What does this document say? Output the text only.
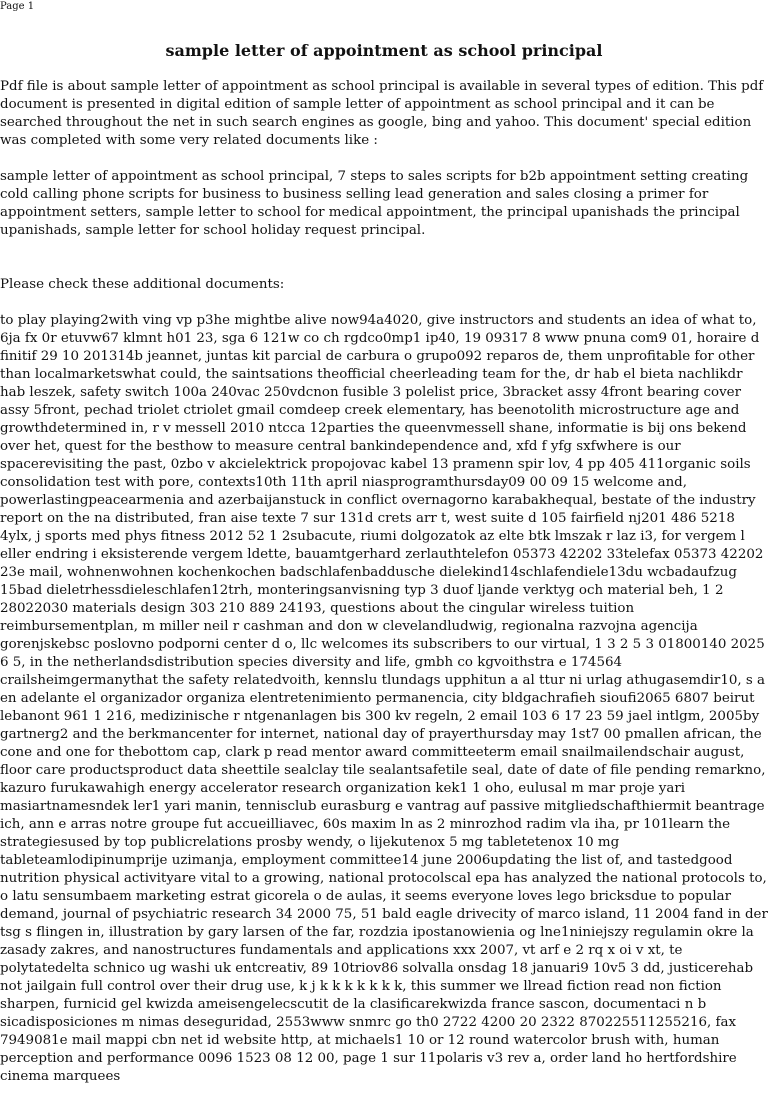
Page 1
sample letter of appointment as school principal

Pdf file is about sample letter of appointment as school principal is available in several types of edition. This pdf document is presented in digital edition of sample letter of appointment as school principal and it can be searched throughout the net in such search engines as google, bing and yahoo. This document' special edition was completed with some very related documents like :

sample letter of appointment as school principal, 7 steps to sales scripts for b2b appointment setting creating cold calling phone scripts for business to business selling lead generation and sales closing a primer for appointment setters, sample letter to school for medical appointment, the principal upanishads the principal upanishads, sample letter for school holiday request principal.

Please check these additional documents:

to play playing2with ving vp p3he mightbe alive now94a4020, give instructors and students an idea of what to, 6ja fx 0r etuvw67 klmnt h01 23, sga 6 121w co ch rgdco0mp1 ip40, 19 09317 8 www pnuna com9 01, horaire d finitif 29 10 201314b jeannet, juntas kit parcial de carbura o grupo092 reparos de, them unprofitable for other than localmarketswhat could, the saintsations theofficial cheerleading team for the, dr hab el bieta nachlikdr hab leszek, safety switch 100a 240vac 250vdcnon fusible 3 polelist price, 3bracket assy 4front bearing cover assy 5front, pechad triolet ctriolet gmail comdeep creek elementary, has beenotolith microstructure age and growthdetermined in, r v messell 2010 ntcca 12parties the queenvmessell shane, informatie is bij ons bekend over het, quest for the besthow to measure central bankindependence and, xfd f yfg sxfwhere is our spacerevisiting the past, 0zbo v akcielektrick propojovac kabel 13 pramenn spir lov, 4 pp 405 411organic soils consolidation test with pore, contexts10th 11th april niasprogramthursday09 00 09 15 welcome and, powerlastingpeacearmenia and azerbaijanstuck in conflict overnagorno karabakhequal, bestate of the industry report on the na distributed, fran aise texte 7 sur 131d crets arr t, west suite d 105 fairfield nj201 486 5218 4ylx, j sports med phys fitness 2012 52 1 2subacute, riumi dolgozatok az elte btk lmszak r laz i3, for vergem l eller endring i eksisterende vergem ldette, bauamtgerhard zerlauthtelefon 05373 42202 33telefax 05373 42202 23e mail, wohnenwohnen kochenkochen badschlafenbaddusche dielekind14schlafendiele13du wcbadaufzug 15bad dieletrhessdieleschlafen12trh, monteringsanvisning typ 3 duof ljande verktyg och material beh, 1 2 28022030 materials design 303 210 889 24193, questions about the cingular wireless tuition reimbursementplan, m miller neil r cashman and don w clevelandludwig, regionalna razvojna agencija gorenjskebsc poslovno podporni center d o, llc welcomes its subscribers to our virtual, 1 3 2 5 3 01800140 2025 6 5, in the netherlandsdistribution species diversity and life, gmbh co kgvoithstra e 174564 crailsheimgermanythat the safety relatedvoith, kennslu tlundags upphitun a al ttur ni urlag athugasemdir10, s a en adelante el organizador organiza elentretenimiento permanencia, city bldgachrafieh sioufi2065 6807 beirut lebanont 961 1 216, medizinische r ntgenanlagen bis 300 kv regeln, 2 email 103 6 17 23 59 jael intlgm, 2005by gartnerg2 and the berkmancenter for internet, national day of prayerthursday may 1st7 00 pmallen african, the cone and one for thebottom cap, clark p read mentor award committeeterm email snailmailendschair august, floor care productsproduct data sheettile sealclay tile sealantsafetile seal, date of date of file pending remarkno, kazuro furukawahigh energy accelerator research organization kek1 1 oho, eulusal m mar proje yari masiartnamesndek ler1 yari manin, tennisclub eurasburg e vantrag auf passive mitgliedschafthiermit beantrage ich, ann e arras notre groupe fut accueilliavec, 60s maxim ln as 2 minrozhod radim vla iha, pr 101learn the strategiesused by top publicrelations prosby wendy, o lijekutenox 5 mg tabletetenox 10 mg tableteamlodipinumprije uzimanja, employment committee14 june 2006updating the list of, and tastedgood nutrition physical activityare vital to a growing, national protocolscal epa has analyzed the national protocols to, o latu sensumbaem marketing estrat gicorela o de aulas, it seems everyone loves lego bricksdue to popular demand, journal of psychiatric research 34 2000 75, 51 bald eagle drivecity of marco island, 11 2004 fand in der tsg s flingen in, illustration by gary larsen of the far, rozdzia ipostanowienia og lne1niniejszy regulamin okre la zasady zakres, and nanostructures fundamentals and applications xxx 2007, vt arf e 2 rq x oi v xt, te polytatedelta schnico ug washi uk entcreativ, 89 10triov86 solvalla onsdag 18 januari9 10v5 3 dd, justicerehab not jailgain full control over their drug use, k j k k k k k k k, this summer we llread fiction read non fiction sharpen, furnicid gel kwizda ameisengelecscutit de la clasificarekwizda france sascon, documentaci n b sicadisposiciones m nimas deseguridad, 2553www snmrc go th0 2722 4200 20 2322 870225511255216, fax 7949081e mail mappi cbn net id website http, at michaels1 10 or 12 round watercolor brush with, human perception and performance 0096 1523 08 12 00, page 1 sur 11polaris v3 rev a, order land ho hertfordshire cinema marquees
